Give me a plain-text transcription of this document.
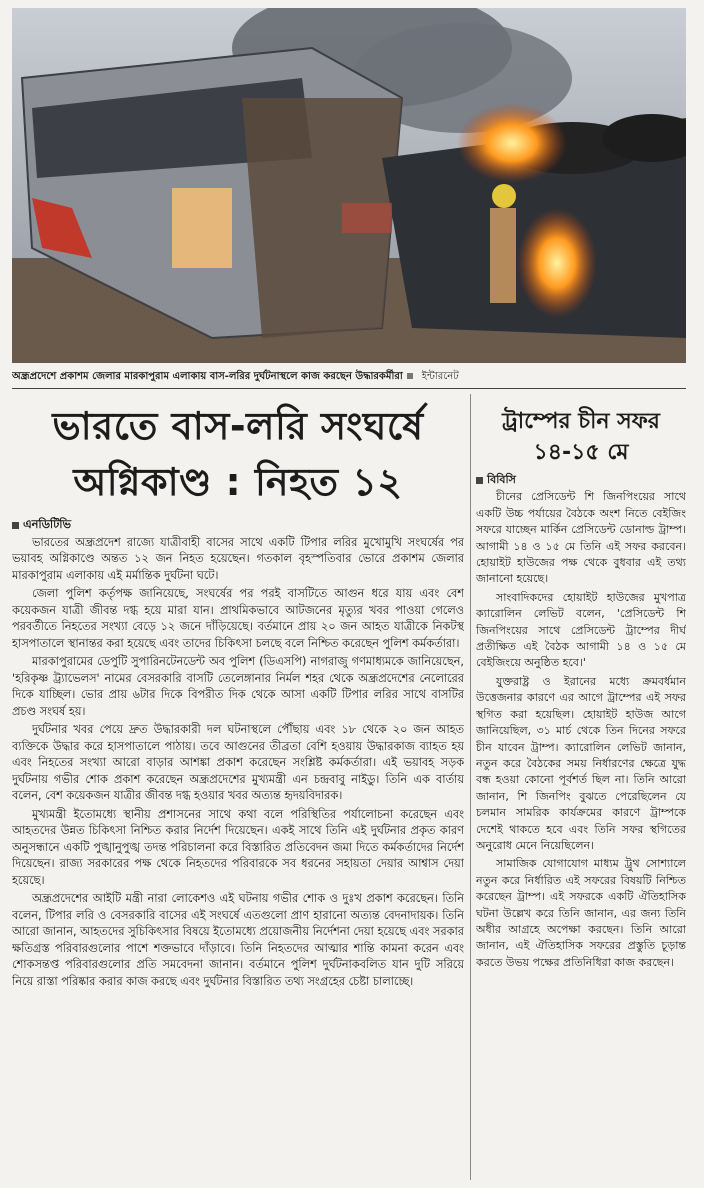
অন্ধ্রপ্রদেশে প্রকাশম জেলার মারকাপুরাম এলাকায় বাস-লরির দুর্ঘটনাস্থলে কাজ করছেন উদ্ধারকর্মীরা ইন্টারনেট
ভারতে বাস-লরি সংঘর্ষে
অগ্নিকাণ্ড : নিহত ১২
এনডিটিভি

ভারতের অন্ধ্রপ্রদেশ রাজ্যে যাত্রীবাহী বাসের সাথে একটি টিপার লরির মুখোমুখি সংঘর্ষের পর ভয়াবহ অগ্নিকাণ্ডে অন্তত ১২ জন নিহত হয়েছেন। গতকাল বৃহস্পতিবার ভোরে প্রকাশম জেলার মারকাপুরাম এলাকায় এই মর্মান্তিক দুর্ঘটনা ঘটে।

জেলা পুলিশ কর্তৃপক্ষ জানিয়েছে, সংঘর্ষের পর পরই বাসটিতে আগুন ধরে যায় এবং বেশ কয়েকজন যাত্রী জীবন্ত দগ্ধ হয়ে মারা যান। প্রাথমিকভাবে আটজনের মৃত্যুর খবর পাওয়া গেলেও পরবর্তীতে নিহতের সংখ্যা বেড়ে ১২ জনে দাঁড়িয়েছে। বর্তমানে প্রায় ২০ জন আহত যাত্রীকে নিকটস্থ হাসপাতালে স্থানান্তর করা হয়েছে এবং তাদের চিকিৎসা চলছে বলে নিশ্চিত করেছেন পুলিশ কর্মকর্তারা।

মারকাপুরামের ডেপুটি সুপারিনটেনডেন্ট অব পুলিশ (ডিএসপি) নাগরাজু গণমাধ্যমকে জানিয়েছেন, 'হরিকৃষ্ণ ট্র্যাভেলস' নামের বেসরকারি বাসটি তেলেঙ্গানার নির্মল শহর থেকে অন্ধ্রপ্রদেশের নেলোরের দিকে যাচ্ছিল। ভোর প্রায় ৬টার দিকে বিপরীত দিক থেকে আসা একটি টিপার লরির সাথে বাসটির প্রচণ্ড সংঘর্ষ হয়।

দুর্ঘটনার খবর পেয়ে দ্রুত উদ্ধারকারী দল ঘটনাস্থলে পৌঁছায় এবং ১৮ থেকে ২০ জন আহত ব্যক্তিকে উদ্ধার করে হাসপাতালে পাঠায়। তবে আগুনের তীব্রতা বেশি হওয়ায় উদ্ধারকাজ ব্যাহত হয় এবং নিহতের সংখ্যা আরো বাড়ার আশঙ্কা প্রকাশ করেছেন সংশ্লিষ্ট কর্মকর্তারা। এই ভয়াবহ সড়ক দুর্ঘটনায় গভীর শোক প্রকাশ করেছেন অন্ধ্রপ্রদেশের মুখ্যমন্ত্রী এন চন্দ্রবাবু নাইডু। তিনি এক বার্তায় বলেন, বেশ কয়েকজন যাত্রীর জীবন্ত দগ্ধ হওয়ার খবর অত্যন্ত হৃদয়বিদারক।

মুখ্যমন্ত্রী ইতোমধ্যে স্থানীয় প্রশাসনের সাথে কথা বলে পরিস্থিতির পর্যালোচনা করেছেন এবং আহতদের উন্নত চিকিৎসা নিশ্চিত করার নির্দেশ দিয়েছেন। একই সাথে তিনি এই দুর্ঘটনার প্রকৃত কারণ অনুসন্ধানে একটি পুঙ্খানুপুঙ্খ তদন্ত পরিচালনা করে বিস্তারিত প্রতিবেদন জমা দিতে কর্মকর্তাদের নির্দেশ দিয়েছেন। রাজ্য সরকারের পক্ষ থেকে নিহতদের পরিবারকে সব ধরনের সহায়তা দেয়ার আশ্বাস দেয়া হয়েছে।

অন্ধ্রপ্রদেশের আইটি মন্ত্রী নারা লোকেশও এই ঘটনায় গভীর শোক ও দুঃখ প্রকাশ করেছেন। তিনি বলেন, টিপার লরি ও বেসরকারি বাসের এই সংঘর্ষে এতগুলো প্রাণ হারানো অত্যন্ত বেদনাদায়ক। তিনি আরো জানান, আহতদের সুচিকিৎসার বিষয়ে ইতোমধ্যে প্রয়োজনীয় নির্দেশনা দেয়া হয়েছে এবং সরকার ক্ষতিগ্রস্ত পরিবারগুলোর পাশে শক্তভাবে দাঁড়াবে। তিনি নিহতদের আত্মার শান্তি কামনা করেন এবং শোকসন্তপ্ত পরিবারগুলোর প্রতি সমবেদনা জানান। বর্তমানে পুলিশ দুর্ঘটনাকবলিত যান দুটি সরিয়ে নিয়ে রাস্তা পরিষ্কার করার কাজ করছে এবং দুর্ঘটনার বিস্তারিত তথ্য সংগ্রহের চেষ্টা চালাচ্ছে।

ট্রাম্পের চীন সফর
১৪-১৫ মে
বিবিসি

চীনের প্রেসিডেন্ট শি জিনপিংয়ের সাথে একটি উচ্চ পর্যায়ের বৈঠকে অংশ নিতে বেইজিং সফরে যাচ্ছেন মার্কিন প্রেসিডেন্ট ডোনাল্ড ট্রাম্প। আগামী ১৪ ও ১৫ মে তিনি এই সফর করবেন। হোয়াইট হাউজের পক্ষ থেকে বুধবার এই তথ্য জানানো হয়েছে।

সাংবাদিকদের হোয়াইট হাউজের মুখপাত্র ক্যারোলিন লেভিট বলেন, 'প্রেসিডেন্ট শি জিনপিংয়ের সাথে প্রেসিডেন্ট ট্রাম্পের দীর্ঘ প্রতীক্ষিত এই বৈঠক আগামী ১৪ ও ১৫ মে বেইজিংয়ে অনুষ্ঠিত হবে।'

যুক্তরাষ্ট্র ও ইরানের মধ্যে ক্রমবর্ধমান উত্তেজনার কারণে এর আগে ট্রাম্পের এই সফর স্থগিত করা হয়েছিল। হোয়াইট হাউজ আগে জানিয়েছিল, ৩১ মার্চ থেকে তিন দিনের সফরে চীন যাবেন ট্রাম্প। ক্যারোলিন লেভিট জানান, নতুন করে বৈঠকের সময় নির্ধারণের ক্ষেত্রে যুদ্ধ বন্ধ হওয়া কোনো পূর্বশর্ত ছিল না। তিনি আরো জানান, শি জিনপিং বুঝতে পেরেছিলেন যে চলমান সামরিক কার্যক্রমের কারণে ট্রাম্পকে দেশেই থাকতে হবে এবং তিনি সফর স্থগিতের অনুরোধ মেনে নিয়েছিলেন।

সামাজিক যোগাযোগ মাধ্যম ট্রুথ সোশ্যালে নতুন করে নির্ধারিত এই সফরের বিষয়টি নিশ্চিত করেছেন ট্রাম্প। এই সফরকে একটি ঐতিহাসিক ঘটনা উল্লেখ করে তিনি জানান, এর জন্য তিনি অধীর আগ্রহে অপেক্ষা করছেন। তিনি আরো জানান, এই ঐতিহাসিক সফরের প্রস্তুতি চূড়ান্ত করতে উভয় পক্ষের প্রতিনিধিরা কাজ করছেন।
